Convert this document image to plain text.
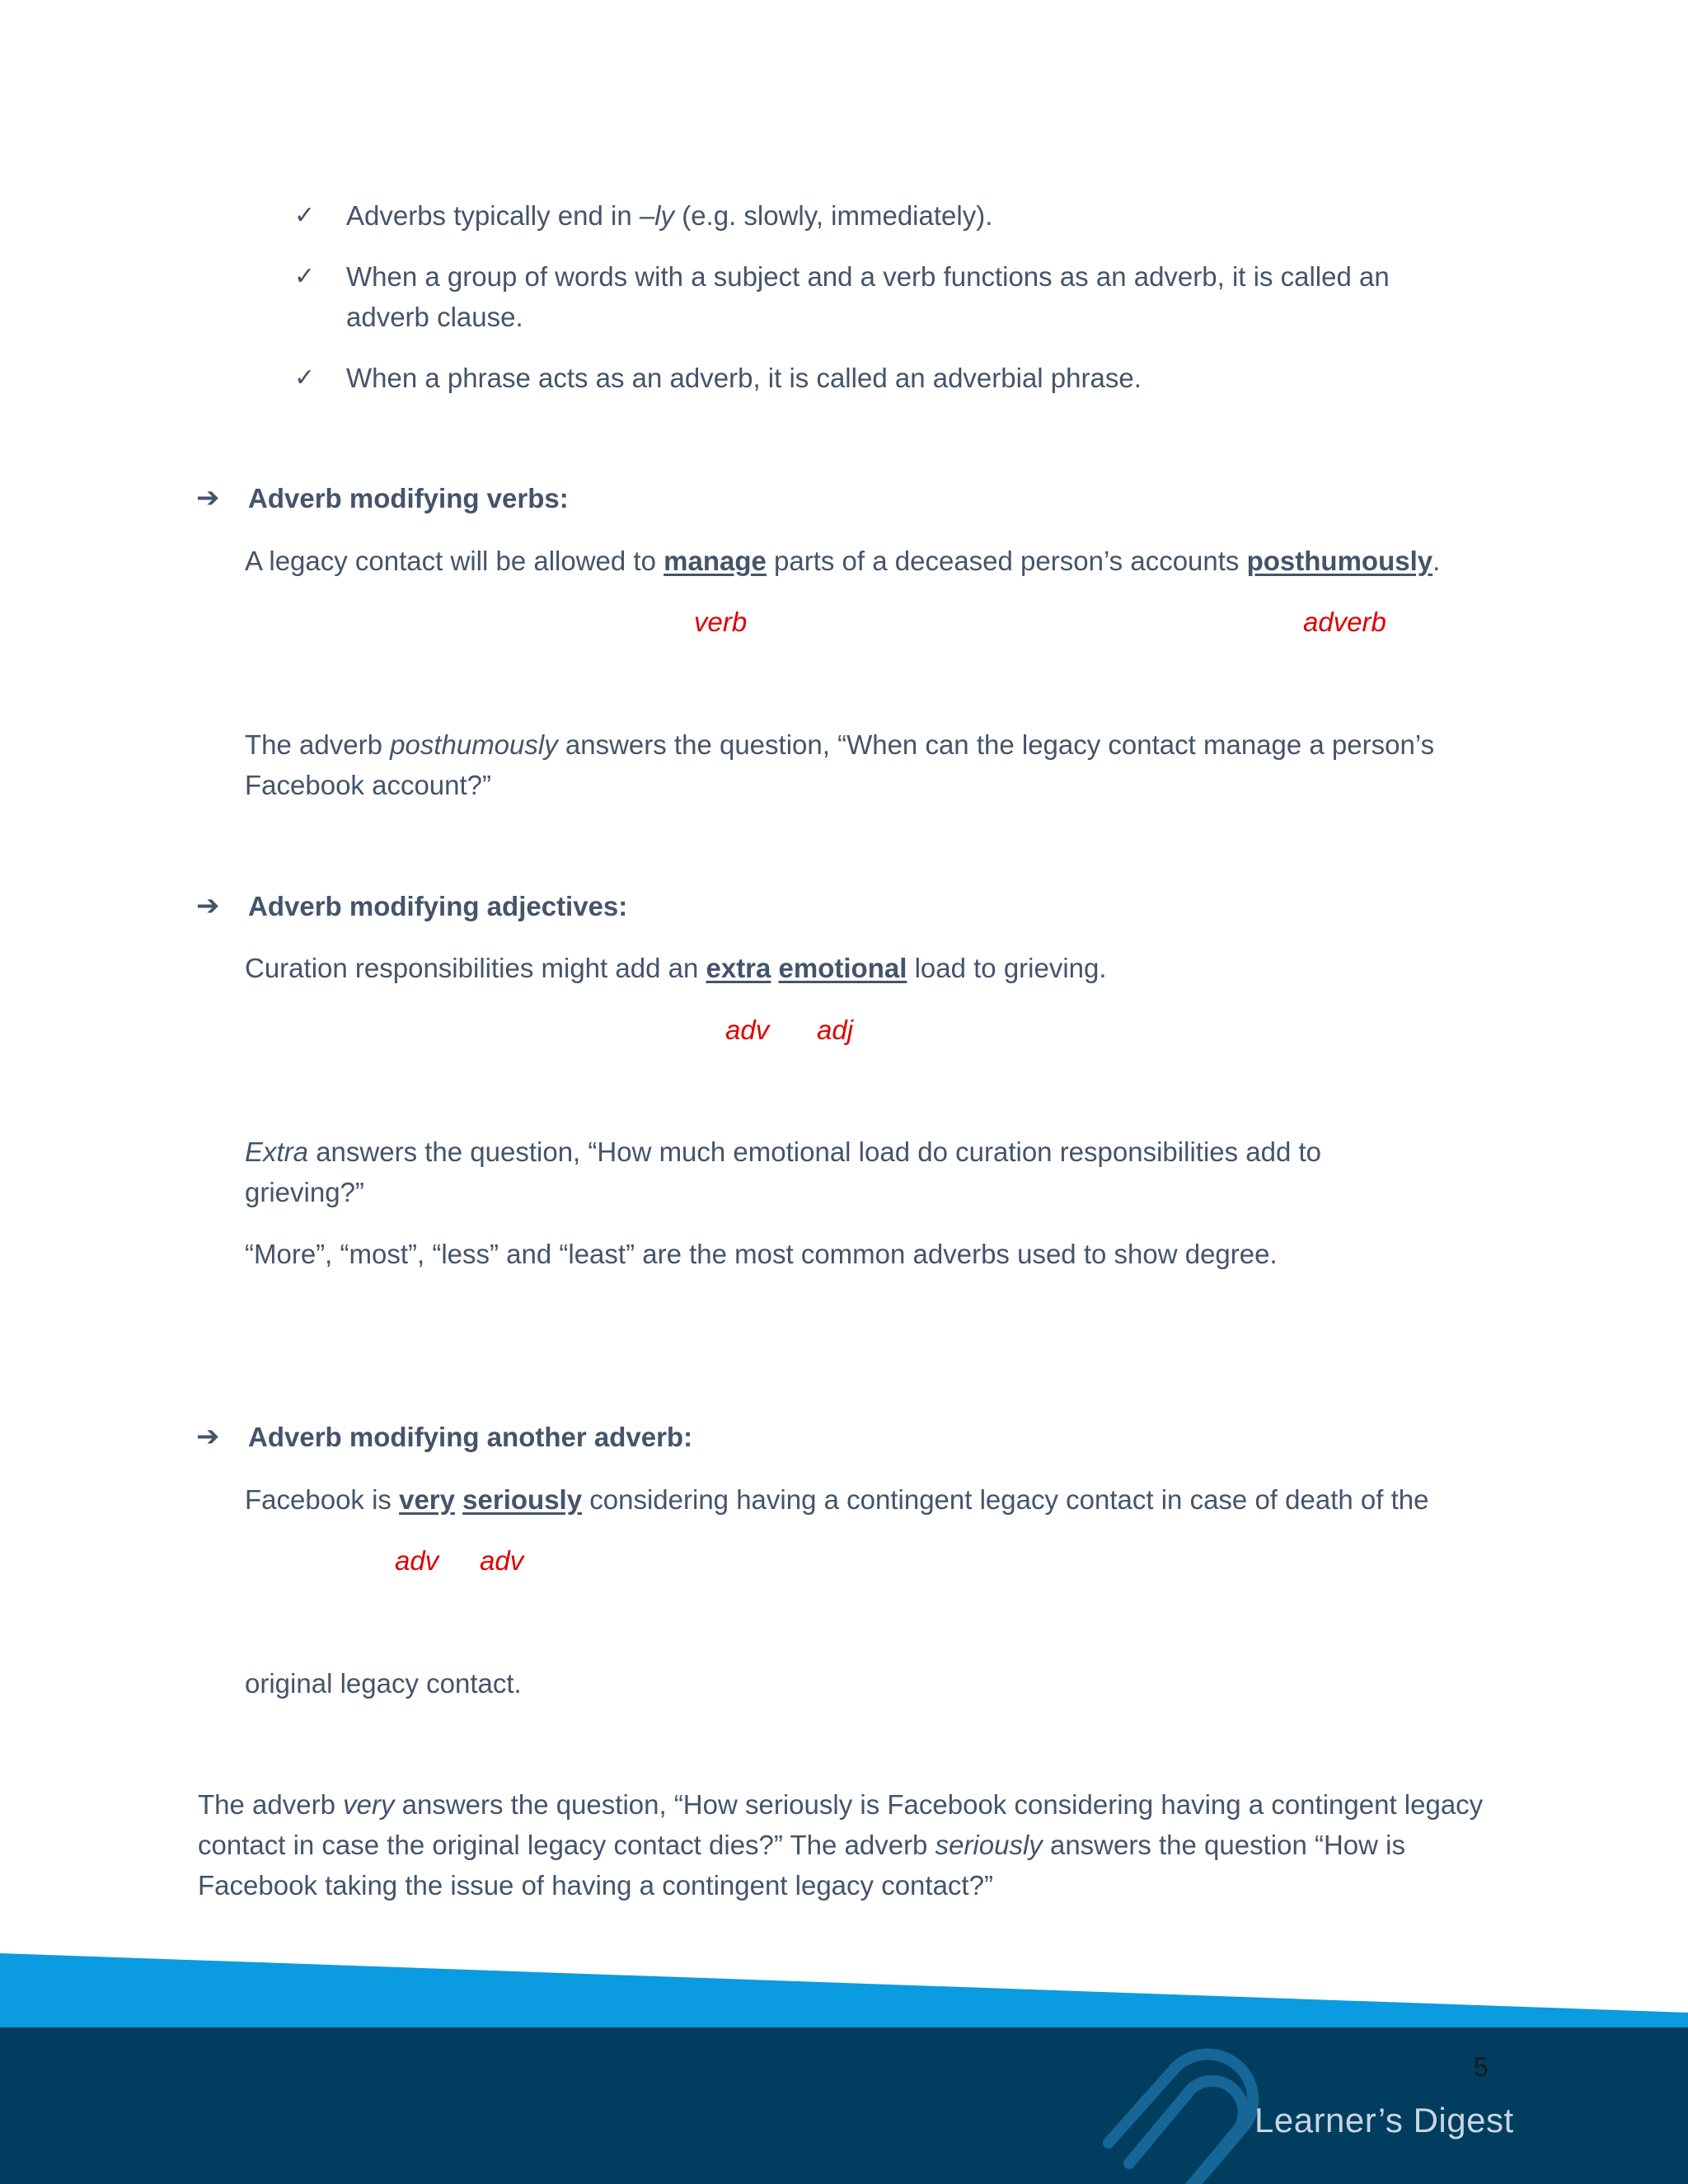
✓ Adverbs typically end in –ly (e.g. slowly, immediately).
✓ When a group of words with a subject and a verb functions as an adverb, it is called an adverb clause.
✓ When a phrase acts as an adverb, it is called an adverbial phrase.
➔ Adverb modifying verbs:
A legacy contact will be allowed to manage parts of a deceased person’s accounts posthumously.
verb	adverb
The adverb posthumously answers the question, “When can the legacy contact manage a person’s Facebook account?”
➔ Adverb modifying adjectives:
Curation responsibilities might add an extra emotional load to grieving.
adv adj
Extra answers the question, “How much emotional load do curation responsibilities add to grieving?”
“More”, “most”, “less” and “least” are the most common adverbs used to show degree.
➔ Adverb modifying another adverb:
Facebook is very seriously considering having a contingent legacy contact in case of death of the
adv adv
original legacy contact.
The adverb very answers the question, “How seriously is Facebook considering having a contingent legacy contact in case the original legacy contact dies?” The adverb seriously answers the question “How is Facebook taking the issue of having a contingent legacy contact?”
5
Learner’s Digest
